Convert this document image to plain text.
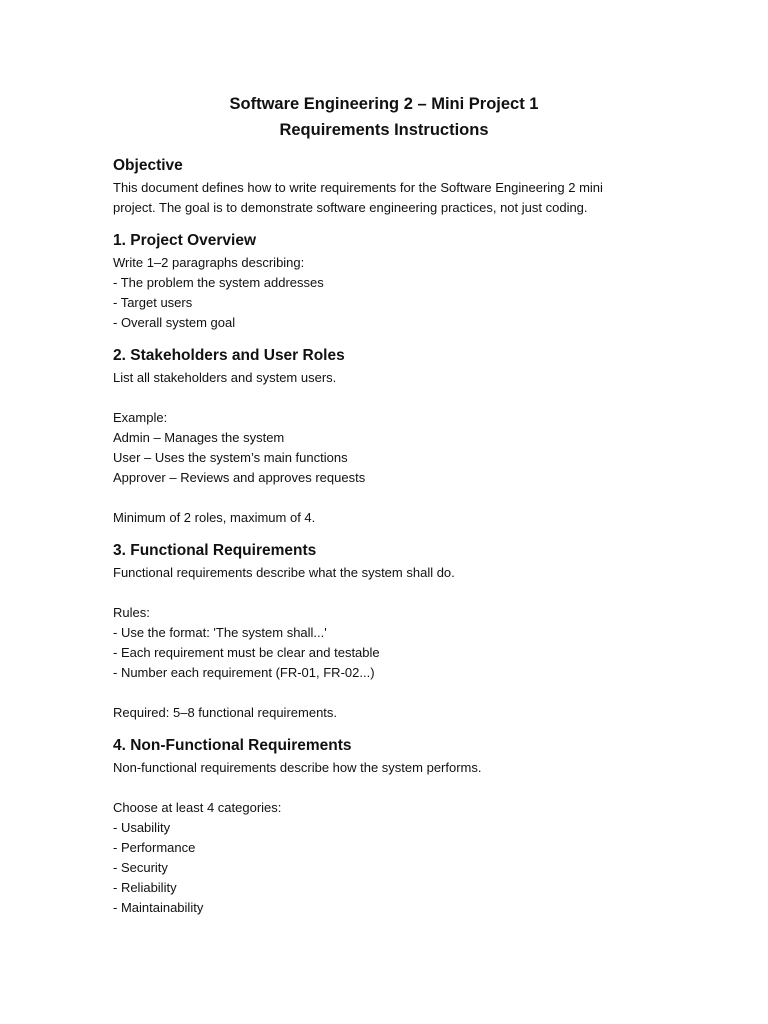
Software Engineering 2 – Mini Project 1
Requirements Instructions
Objective

This document defines how to write requirements for the Software Engineering 2 mini

project. The goal is to demonstrate software engineering practices, not just coding.

1. Project Overview

Write 1–2 paragraphs describing:

- The problem the system addresses

- Target users

- Overall system goal

2. Stakeholders and User Roles

List all stakeholders and system users.

Example:

Admin – Manages the system

User – Uses the system’s main functions

Approver – Reviews and approves requests

Minimum of 2 roles, maximum of 4.

3. Functional Requirements

Functional requirements describe what the system shall do.

Rules:

- Use the format: 'The system shall...'

- Each requirement must be clear and testable

- Number each requirement (FR-01, FR-02...)

Required: 5–8 functional requirements.

4. Non-Functional Requirements

Non-functional requirements describe how the system performs.

Choose at least 4 categories:

- Usability

- Performance

- Security

- Reliability

- Maintainability
